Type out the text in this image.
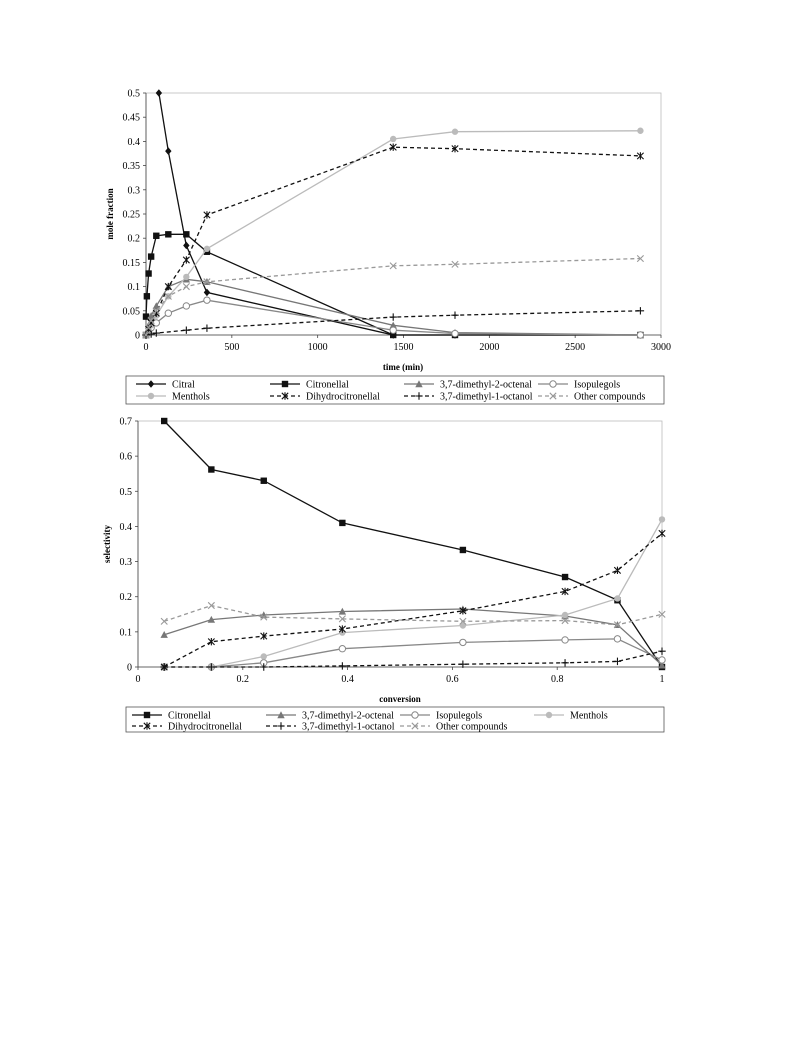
0	500	1000	1500	2000	2500	3000
0
0.05
0.1
0.15
0.2
0.25
0.3
0.35
0.4
0.45
0.5
time (min)
mole fraction
Citral	Citronellal	3,7-dimethyl-2-octenal	Isopulegols
Menthols	Dihydrocitronellal	3,7-dimethyl-1-octanol	Other compounds
0	0.2	0.4	0.6	0.8	1
0
0.1
0.2
0.3
0.4
0.5
0.6
0.7
conversion
selectivity
Citronellal	3,7-dimethyl-2-octenal	Isopulegols	Menthols
Dihydrocitronellal	3,7-dimethyl-1-octanol	Other compounds
